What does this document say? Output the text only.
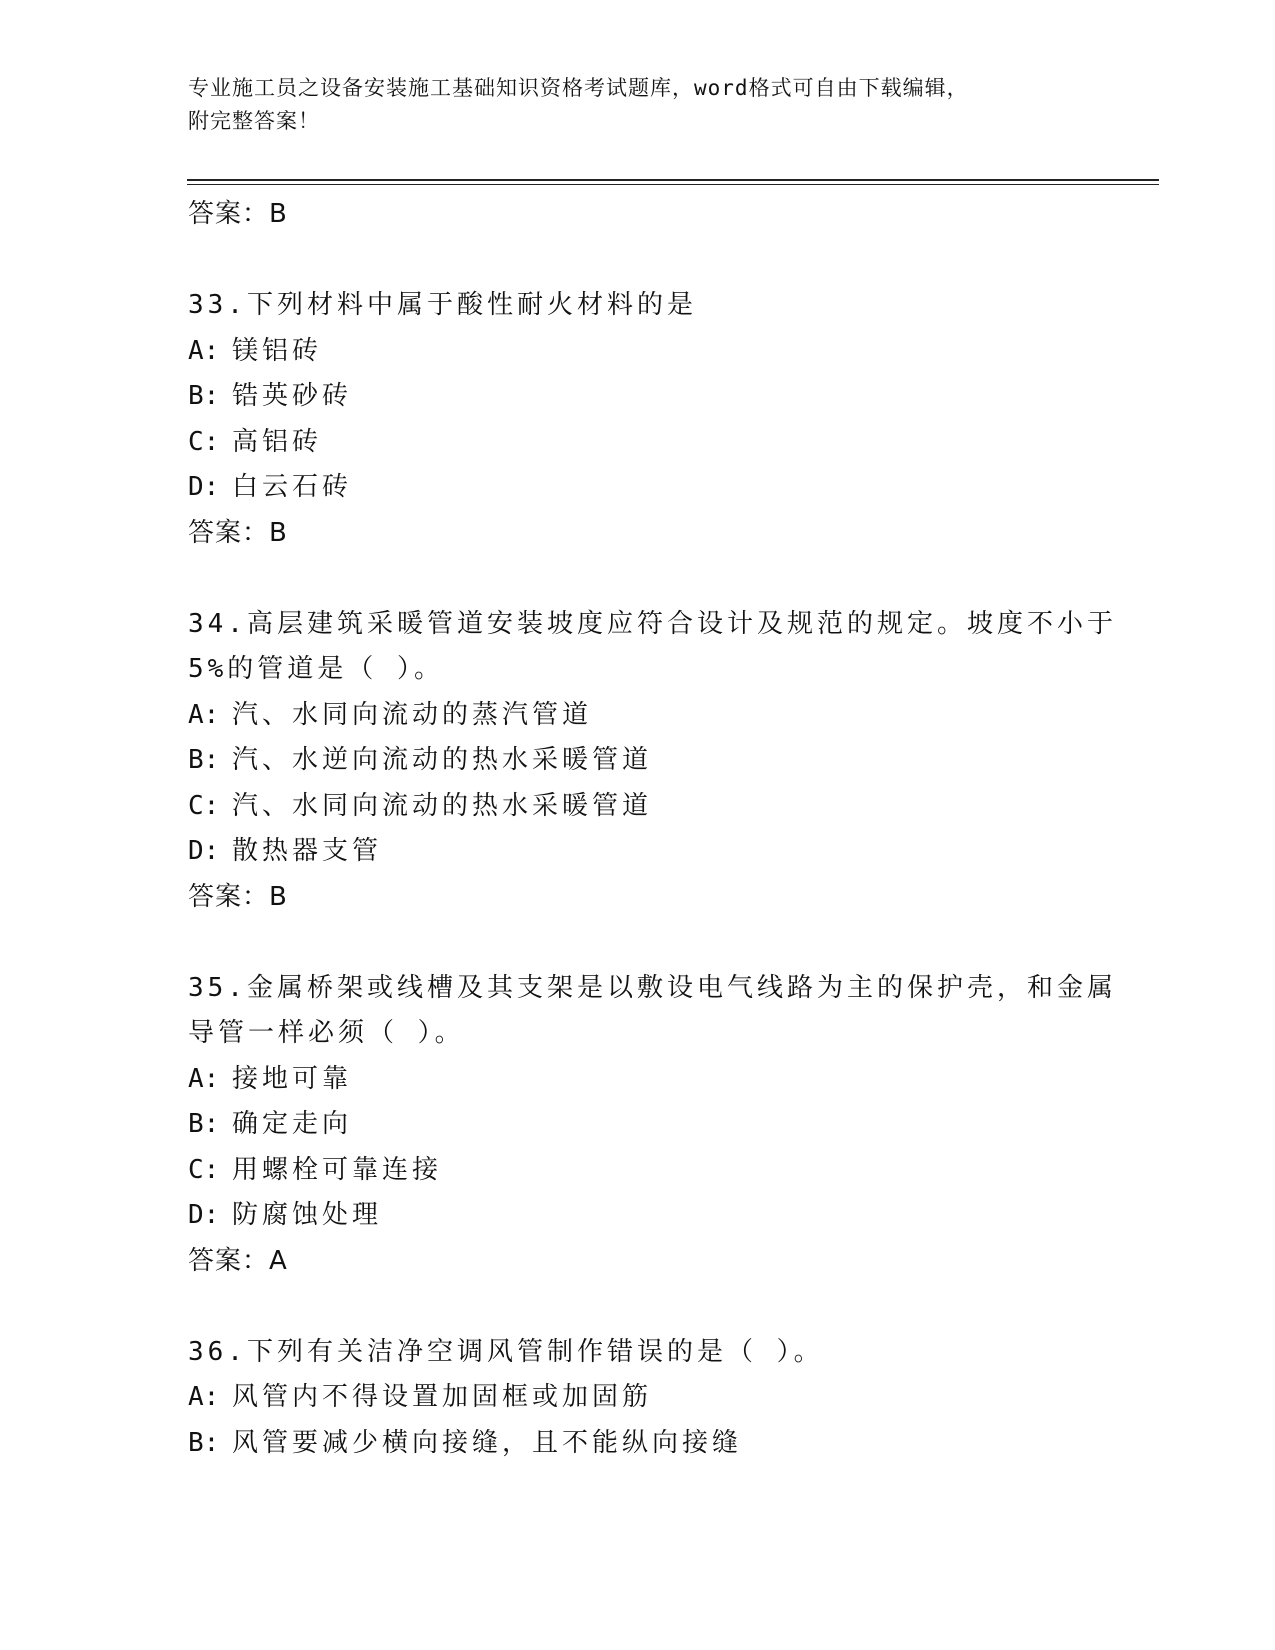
专业施工员之设备安装施工基础知识资格考试题库，word格式可自由下载编辑，
附完整答案！
答案：B
33.下列材料中属于酸性耐火材料的是
A: 镁铝砖
B: 锆英砂砖
C: 高铝砖
D: 白云石砖
答案：B
34.高层建筑采暖管道安装坡度应符合设计及规范的规定。坡度不小于
5%的管道是（ ）。
A: 汽、水同向流动的蒸汽管道
B: 汽、水逆向流动的热水采暖管道
C: 汽、水同向流动的热水采暖管道
D: 散热器支管
答案：B
35.金属桥架或线槽及其支架是以敷设电气线路为主的保护壳，和金属
导管一样必须（ ）。
A: 接地可靠
B: 确定走向
C: 用螺栓可靠连接
D: 防腐蚀处理
答案：A
36.下列有关洁净空调风管制作错误的是（ ）。
A: 风管内不得设置加固框或加固筋
B: 风管要减少横向接缝，且不能纵向接缝
